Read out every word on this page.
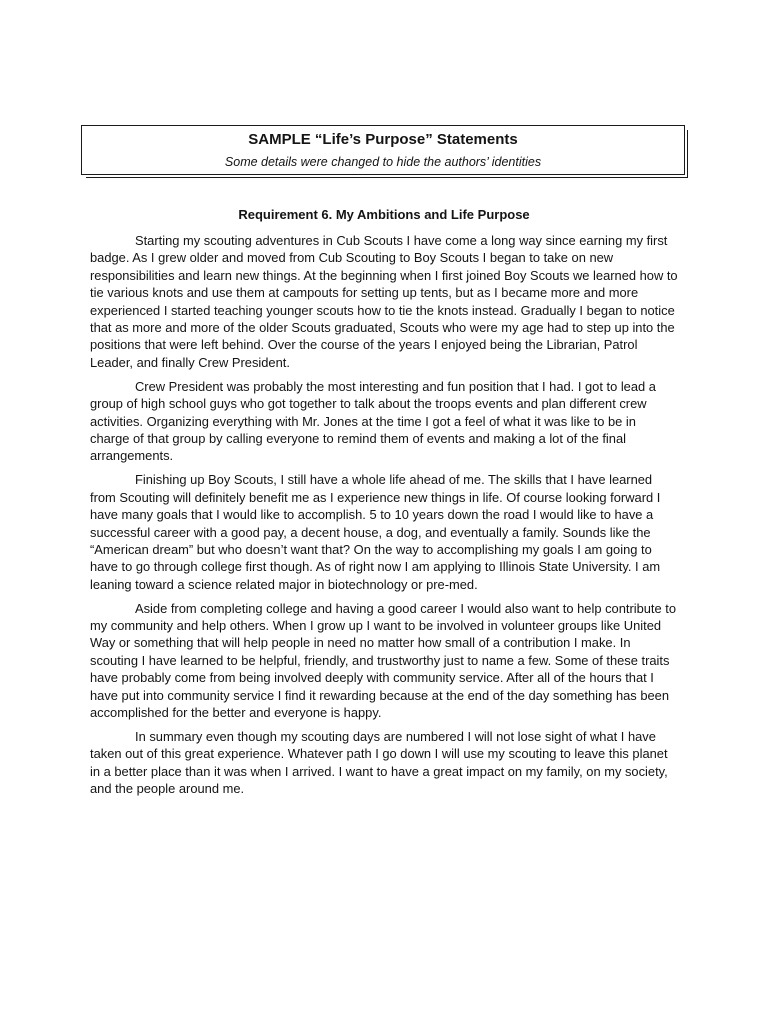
SAMPLE “Life’s Purpose” Statements
Some details were changed to hide the authors’ identities
Requirement 6. My Ambitions and Life Purpose

Starting my scouting adventures in Cub Scouts I have come a long way since earning my first badge. As I grew older and moved from Cub Scouting to Boy Scouts I began to take on new responsibilities and learn new things. At the beginning when I first joined Boy Scouts we learned how to tie various knots and use them at campouts for setting up tents, but as I became more and more experienced I started teaching younger scouts how to tie the knots instead. Gradually I began to notice that as more and more of the older Scouts graduated, Scouts who were my age had to step up into the positions that were left behind. Over the course of the years I enjoyed being the Librarian, Patrol Leader, and finally Crew President.

Crew President was probably the most interesting and fun position that I had. I got to lead a group of high school guys who got together to talk about the troops events and plan different crew activities. Organizing everything with Mr. Jones at the time I got a feel of what it was like to be in charge of that group by calling everyone to remind them of events and making a lot of the final arrangements.

Finishing up Boy Scouts, I still have a whole life ahead of me. The skills that I have learned from Scouting will definitely benefit me as I experience new things in life. Of course looking forward I have many goals that I would like to accomplish. 5 to 10 years down the road I would like to have a successful career with a good pay, a decent house, a dog, and eventually a family. Sounds like the “American dream” but who doesn’t want that? On the way to accomplishing my goals I am going to have to go through college first though. As of right now I am applying to Illinois State University. I am leaning toward a science related major in biotechnology or pre-med.

Aside from completing college and having a good career I would also want to help contribute to my community and help others. When I grow up I want to be involved in volunteer groups like United Way or something that will help people in need no matter how small of a contribution I make. In scouting I have learned to be helpful, friendly, and trustworthy just to name a few. Some of these traits have probably come from being involved deeply with community service. After all of the hours that I have put into community service I find it rewarding because at the end of the day something has been accomplished for the better and everyone is happy.

In summary even though my scouting days are numbered I will not lose sight of what I have taken out of this great experience. Whatever path I go down I will use my scouting to leave this planet in a better place than it was when I arrived. I want to have a great impact on my family, on my society, and the people around me.
